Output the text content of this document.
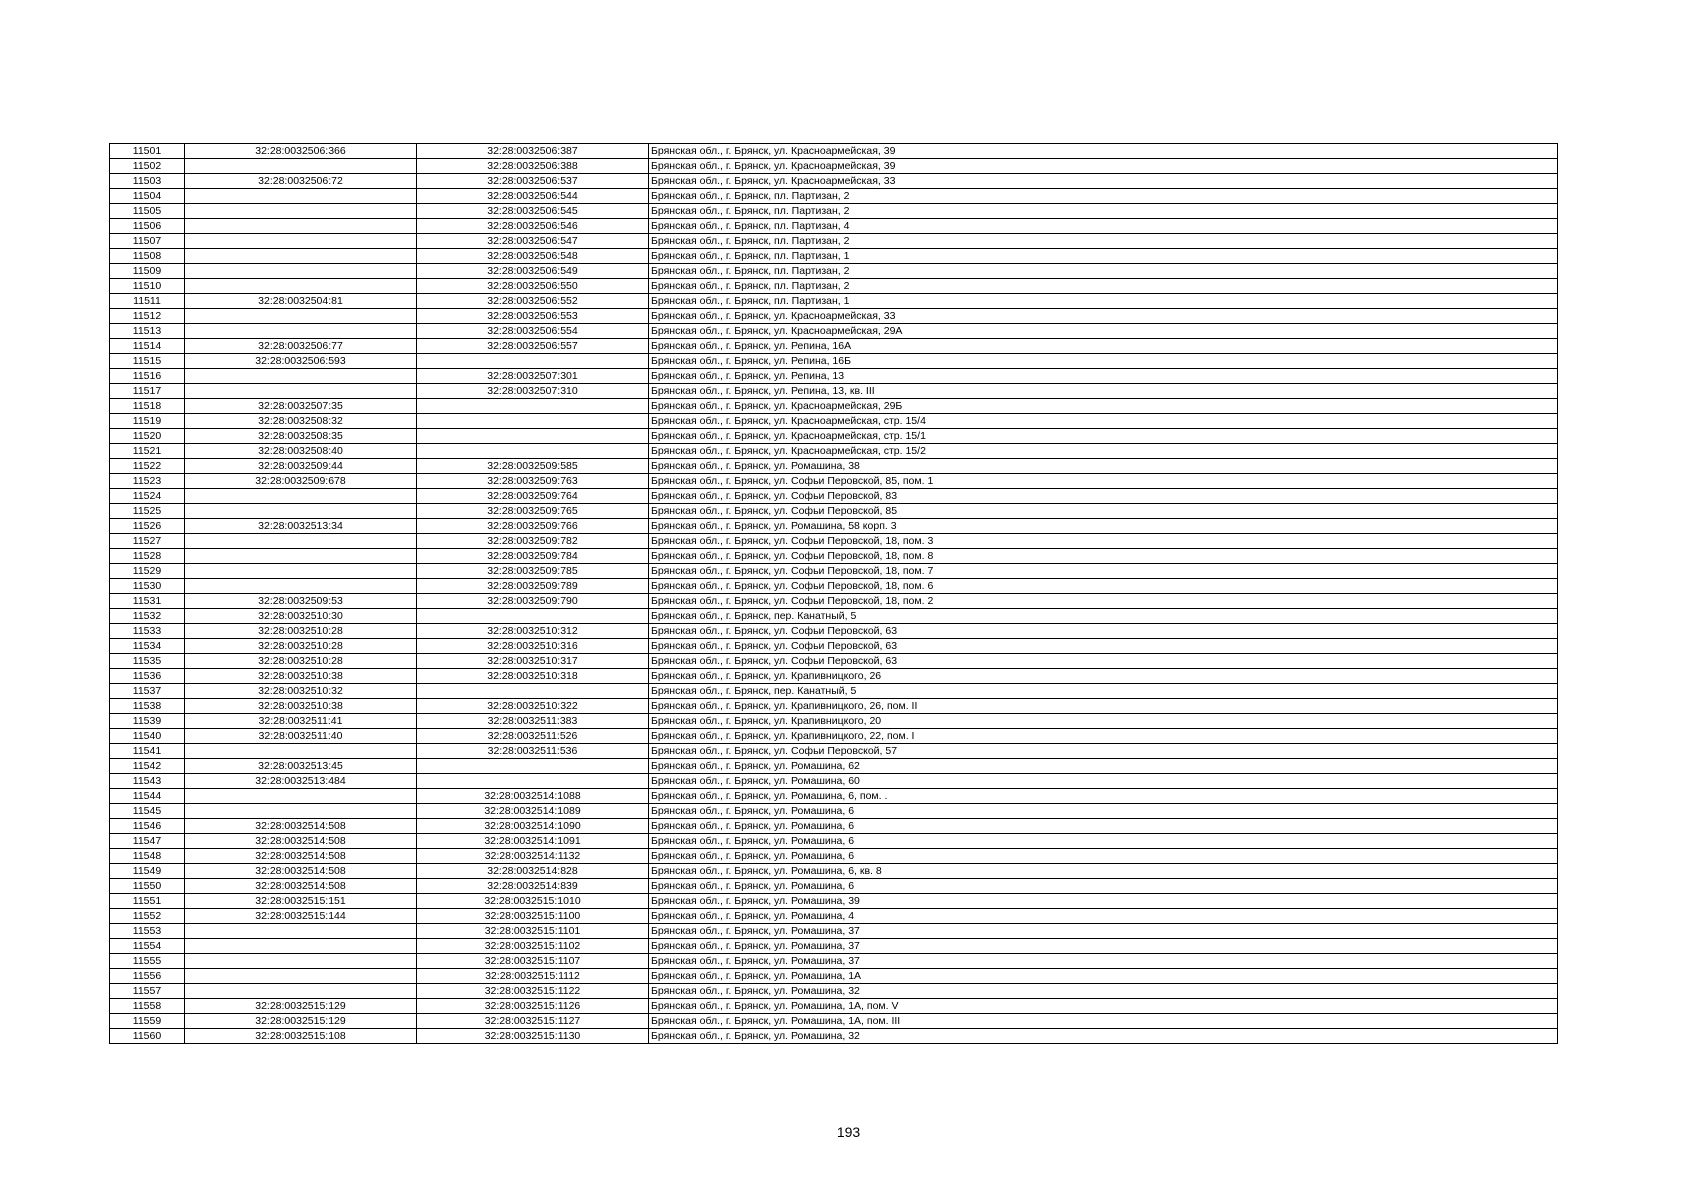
11501	32:28:0032506:366	32:28:0032506:387	Брянская обл., г. Брянск, ул. Красноармейская, 39
11502		32:28:0032506:388	Брянская обл., г. Брянск, ул. Красноармейская, 39
11503	32:28:0032506:72	32:28:0032506:537	Брянская обл., г. Брянск, ул. Красноармейская, 33
11504		32:28:0032506:544	Брянская обл., г. Брянск, пл. Партизан, 2
11505		32:28:0032506:545	Брянская обл., г. Брянск, пл. Партизан, 2
11506		32:28:0032506:546	Брянская обл., г. Брянск, пл. Партизан, 4
11507		32:28:0032506:547	Брянская обл., г. Брянск, пл. Партизан, 2
11508		32:28:0032506:548	Брянская обл., г. Брянск, пл. Партизан, 1
11509		32:28:0032506:549	Брянская обл., г. Брянск, пл. Партизан, 2
11510		32:28:0032506:550	Брянская обл., г. Брянск, пл. Партизан, 2
11511	32:28:0032504:81	32:28:0032506:552	Брянская обл., г. Брянск, пл. Партизан, 1
11512		32:28:0032506:553	Брянская обл., г. Брянск, ул. Красноармейская, 33
11513		32:28:0032506:554	Брянская обл., г. Брянск, ул. Красноармейская, 29А
11514	32:28:0032506:77	32:28:0032506:557	Брянская обл., г. Брянск, ул. Репина, 16А
11515	32:28:0032506:593		Брянская обл., г. Брянск, ул. Репина, 16Б
11516		32:28:0032507:301	Брянская обл., г. Брянск, ул. Репина, 13
11517		32:28:0032507:310	Брянская обл., г. Брянск, ул. Репина, 13, кв. III
11518	32:28:0032507:35		Брянская обл., г. Брянск, ул. Красноармейская, 29Б
11519	32:28:0032508:32		Брянская обл., г. Брянск, ул. Красноармейская, стр. 15/4
11520	32:28:0032508:35		Брянская обл., г. Брянск, ул. Красноармейская, стр. 15/1
11521	32:28:0032508:40		Брянская обл., г. Брянск, ул. Красноармейская, стр. 15/2
11522	32:28:0032509:44	32:28:0032509:585	Брянская обл., г. Брянск, ул. Ромашина, 38
11523	32:28:0032509:678	32:28:0032509:763	Брянская обл., г. Брянск, ул. Софьи Перовской, 85, пом. 1
11524		32:28:0032509:764	Брянская обл., г. Брянск, ул. Софьи Перовской, 83
11525		32:28:0032509:765	Брянская обл., г. Брянск, ул. Софьи Перовской, 85
11526	32:28:0032513:34	32:28:0032509:766	Брянская обл., г. Брянск, ул. Ромашина, 58 корп. 3
11527		32:28:0032509:782	Брянская обл., г. Брянск, ул. Софьи Перовской, 18, пом. 3
11528		32:28:0032509:784	Брянская обл., г. Брянск, ул. Софьи Перовской, 18, пом. 8
11529		32:28:0032509:785	Брянская обл., г. Брянск, ул. Софьи Перовской, 18, пом. 7
11530		32:28:0032509:789	Брянская обл., г. Брянск, ул. Софьи Перовской, 18, пом. 6
11531	32:28:0032509:53	32:28:0032509:790	Брянская обл., г. Брянск, ул. Софьи Перовской, 18, пом. 2
11532	32:28:0032510:30		Брянская обл., г. Брянск, пер. Канатный, 5
11533	32:28:0032510:28	32:28:0032510:312	Брянская обл., г. Брянск, ул. Софьи Перовской, 63
11534	32:28:0032510:28	32:28:0032510:316	Брянская обл., г. Брянск, ул. Софьи Перовской, 63
11535	32:28:0032510:28	32:28:0032510:317	Брянская обл., г. Брянск, ул. Софьи Перовской, 63
11536	32:28:0032510:38	32:28:0032510:318	Брянская обл., г. Брянск, ул. Крапивницкого, 26
11537	32:28:0032510:32		Брянская обл., г. Брянск, пер. Канатный, 5
11538	32:28:0032510:38	32:28:0032510:322	Брянская обл., г. Брянск, ул. Крапивницкого, 26, пом. II
11539	32:28:0032511:41	32:28:0032511:383	Брянская обл., г. Брянск, ул. Крапивницкого, 20
11540	32:28:0032511:40	32:28:0032511:526	Брянская обл., г. Брянск, ул. Крапивницкого, 22, пом. I
11541		32:28:0032511:536	Брянская обл., г. Брянск, ул. Софьи Перовской, 57
11542	32:28:0032513:45		Брянская обл., г. Брянск, ул. Ромашина, 62
11543	32:28:0032513:484		Брянская обл., г. Брянск, ул. Ромашина, 60
11544		32:28:0032514:1088	Брянская обл., г. Брянск, ул. Ромашина, 6, пом. .
11545		32:28:0032514:1089	Брянская обл., г. Брянск, ул. Ромашина, 6
11546	32:28:0032514:508	32:28:0032514:1090	Брянская обл., г. Брянск, ул. Ромашина, 6
11547	32:28:0032514:508	32:28:0032514:1091	Брянская обл., г. Брянск, ул. Ромашина, 6
11548	32:28:0032514:508	32:28:0032514:1132	Брянская обл., г. Брянск, ул. Ромашина, 6
11549	32:28:0032514:508	32:28:0032514:828	Брянская обл., г. Брянск, ул. Ромашина, 6, кв. 8
11550	32:28:0032514:508	32:28:0032514:839	Брянская обл., г. Брянск, ул. Ромашина, 6
11551	32:28:0032515:151	32:28:0032515:1010	Брянская обл., г. Брянск, ул. Ромашина, 39
11552	32:28:0032515:144	32:28:0032515:1100	Брянская обл., г. Брянск, ул. Ромашина, 4
11553		32:28:0032515:1101	Брянская обл., г. Брянск, ул. Ромашина, 37
11554		32:28:0032515:1102	Брянская обл., г. Брянск, ул. Ромашина, 37
11555		32:28:0032515:1107	Брянская обл., г. Брянск, ул. Ромашина, 37
11556		32:28:0032515:1112	Брянская обл., г. Брянск, ул. Ромашина, 1А
11557		32:28:0032515:1122	Брянская обл., г. Брянск, ул. Ромашина, 32
11558	32:28:0032515:129	32:28:0032515:1126	Брянская обл., г. Брянск, ул. Ромашина, 1А, пом. V
11559	32:28:0032515:129	32:28:0032515:1127	Брянская обл., г. Брянск, ул. Ромашина, 1А, пом. III
11560	32:28:0032515:108	32:28:0032515:1130	Брянская обл., г. Брянск, ул. Ромашина, 32
193
